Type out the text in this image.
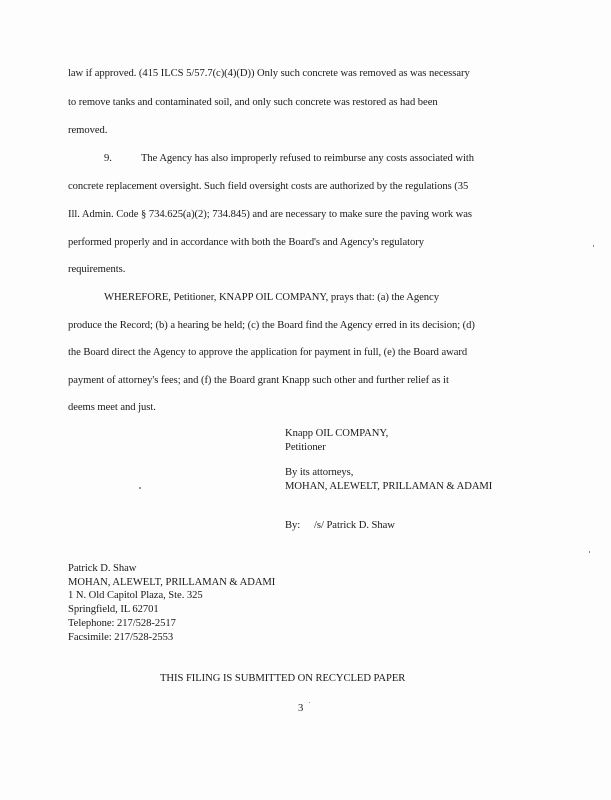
law if approved. (415 ILCS 5/57.7(c)(4)(D)) Only such concrete was removed as was necessary
to remove tanks and contaminated soil, and only such concrete was restored as had been
removed.
9.	The Agency has also improperly refused to reimburse any costs associated with
concrete replacement oversight. Such field oversight costs are authorized by the regulations (35
Ill. Admin. Code § 734.625(a)(2); 734.845) and are necessary to make sure the paving work was
performed properly and in accordance with both the Board's and Agency's regulatory
requirements.
WHEREFORE, Petitioner, KNAPP OIL COMPANY, prays that: (a) the Agency
produce the Record; (b) a hearing be held; (c) the Board find the Agency erred in its decision; (d)
the Board direct the Agency to approve the application for payment in full, (e) the Board award
payment of attorney's fees; and (f) the Board grant Knapp such other and further relief as it
deems meet and just.
Knapp OIL COMPANY,
Petitioner
By its attorneys,
MOHAN, ALEWELT, PRILLAMAN & ADAMI
By: /s/ Patrick D. Shaw
Patrick D. Shaw
MOHAN, ALEWELT, PRILLAMAN & ADAMI
1 N. Old Capitol Plaza, Ste. 325
Springfield, IL 62701
Telephone: 217/528-2517
Facsimile: 217/528-2553
THIS FILING IS SUBMITTED ON RECYCLED PAPER
3
